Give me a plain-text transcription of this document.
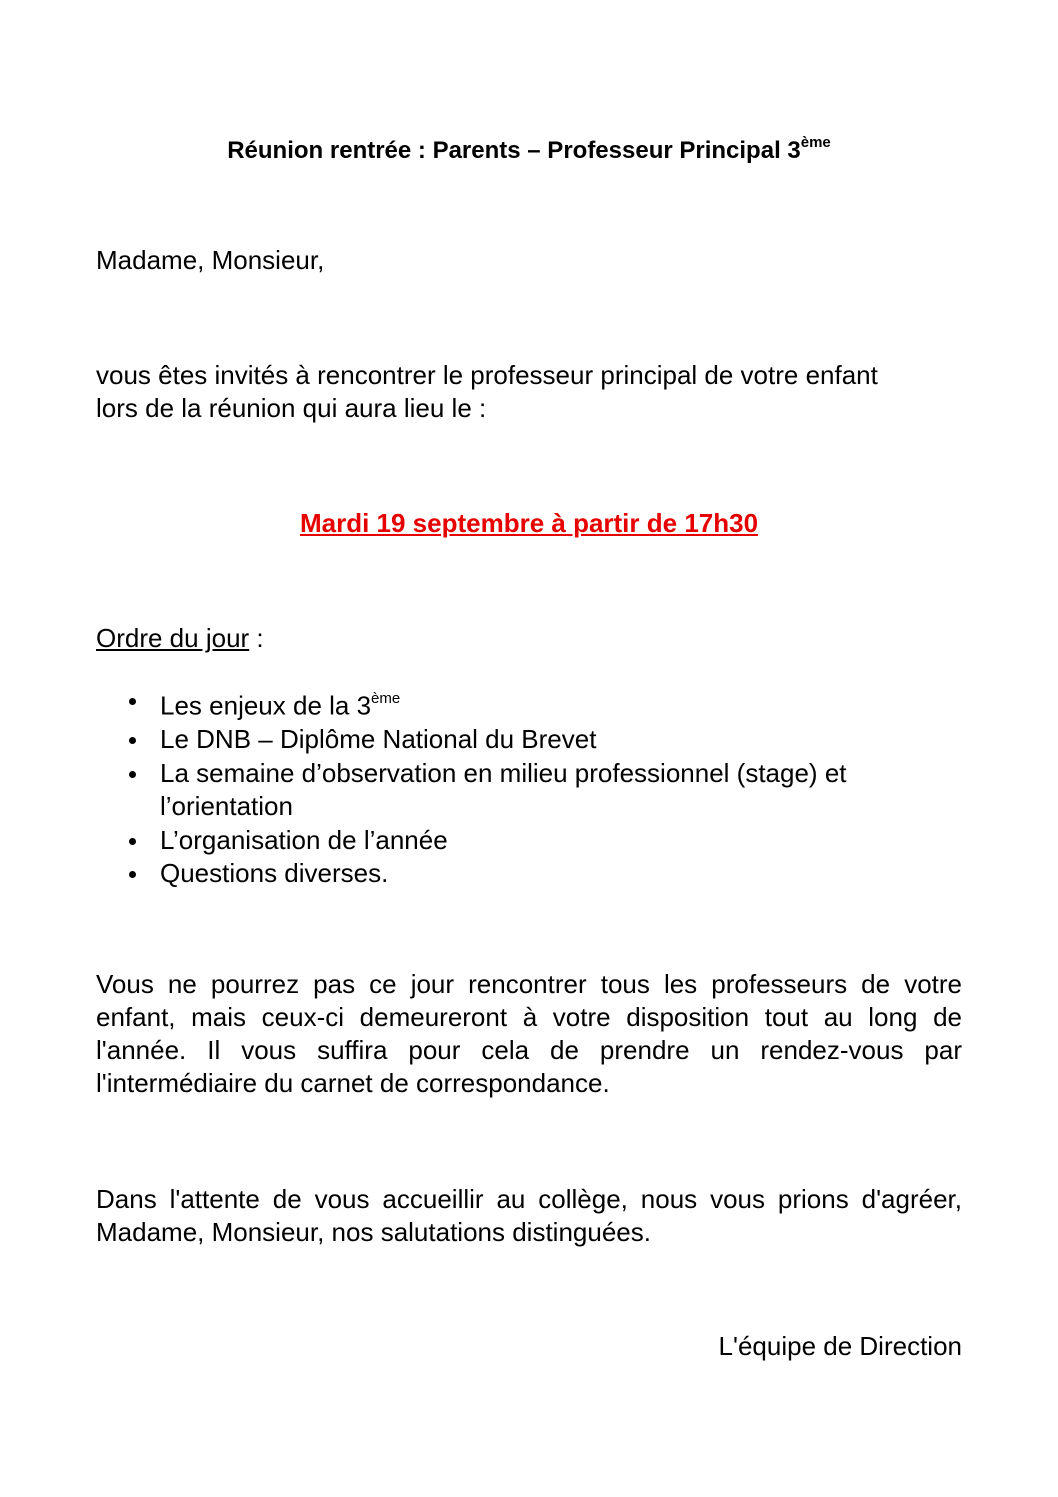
Réunion rentrée : Parents – Professeur Principal 3ème
Madame, Monsieur,
vous êtes invités à rencontrer le professeur principal de votre enfant
lors de la réunion qui aura lieu le :
Mardi 19 septembre à partir de 17h30
Ordre du jour :
Les enjeux de la 3ème
Le DNB – Diplôme National du Brevet
La semaine d’observation en milieu professionnel (stage) et l’orientation
L’organisation de l’année
Questions diverses.
Vous ne pourrez pas ce jour rencontrer tous les professeurs de votre enfant, mais ceux-ci demeureront à votre disposition tout au long de l'année. Il vous suffira pour cela de prendre un rendez-vous par l'intermédiaire du carnet de correspondance.
Dans l'attente de vous accueillir au collège, nous vous prions d'agréer, Madame, Monsieur, nos salutations distinguées.
L'équipe de Direction
